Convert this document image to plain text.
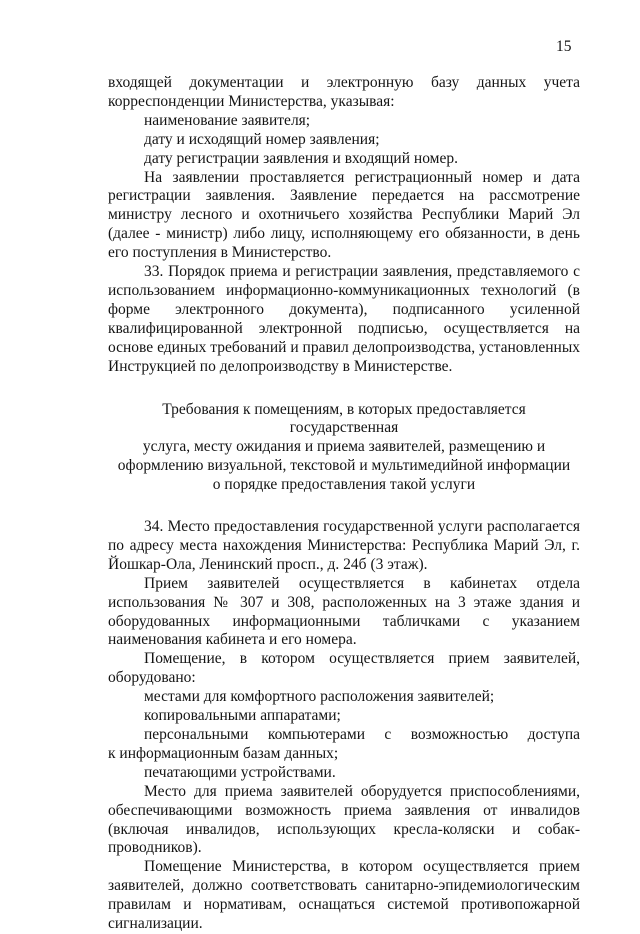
15

входящей документации и электронную базу данных учета корреспонденции Министерства, указывая:

наименование заявителя;

дату и исходящий номер заявления;

дату регистрации заявления и входящий номер.

На заявлении проставляется регистрационный номер и дата регистрации заявления. Заявление передается на рассмотрение министру лесного и охотничьего хозяйства Республики Марий Эл (далее - министр) либо лицу, исполняющему его обязанности, в день его поступления в Министерство.

33. Порядок приема и регистрации заявления, представляемого с использованием информационно-коммуникационных технологий (в форме электронного документа), подписанного усиленной квалифицированной электронной подписью, осуществляется на основе единых требований и правил делопроизводства, установленных Инструкцией по делопроизводству в Министерстве.

Требования к помещениям, в которых предоставляется государственная
услуга, месту ожидания и приема заявителей, размещению и
оформлению визуальной, текстовой и мультимедийной информации
о порядке предоставления такой услуги

34. Место предоставления государственной услуги располагается по адресу места нахождения Министерства: Республика Марий Эл, г. Йошкар-Ола, Ленинский просп., д. 24б (3 этаж).

Прием заявителей осуществляется в кабинетах отдела использования № 307 и 308, расположенных на 3 этаже здания и оборудованных информационными табличками с указанием наименования кабинета и его номера.

Помещение, в котором осуществляется прием заявителей, оборудовано:

местами для комфортного расположения заявителей;

копировальными аппаратами;

персональными компьютерами с возможностью доступа

к информационным базам данных;

печатающими устройствами.

Место для приема заявителей оборудуется приспособлениями, обеспечивающими возможность приема заявления от инвалидов (включая инвалидов, использующих кресла-коляски и собак-проводников).

Помещение Министерства, в котором осуществляется прием заявителей, должно соответствовать санитарно-эпидемиологическим правилам и нормативам, оснащаться системой противопожарной сигнализации.
